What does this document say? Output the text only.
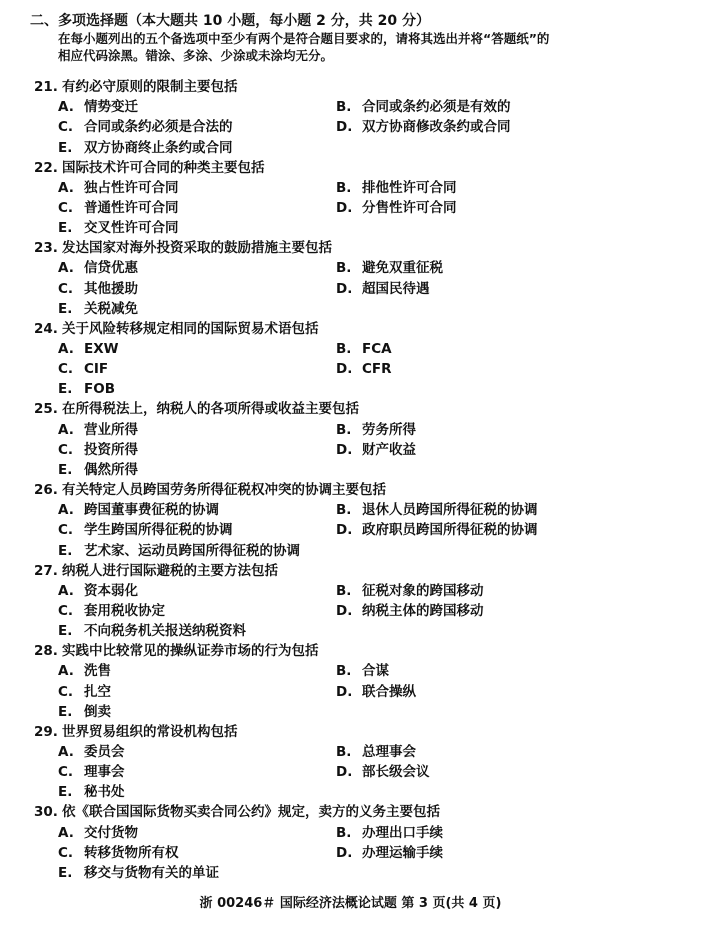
二、多项选择题（本大题共 10 小题，每小题 2 分，共 20 分）
在每小题列出的五个备选项中至少有两个是符合题目要求的，请将其选出并将“答题纸”的
相应代码涂黑。错涂、多涂、少涂或未涂均无分。
21. 有约必守原则的限制主要包括
A. 情势变迁	B. 合同或条约必须是有效的
C. 合同或条约必须是合法的	D. 双方协商修改条约或合同
E. 双方协商终止条约或合同
22. 国际技术许可合同的种类主要包括
A. 独占性许可合同	B. 排他性许可合同
C. 普通性许可合同	D. 分售性许可合同
E. 交叉性许可合同
23. 发达国家对海外投资采取的鼓励措施主要包括
A. 信贷优惠	B. 避免双重征税
C. 其他援助	D. 超国民待遇
E. 关税减免
24. 关于风险转移规定相同的国际贸易术语包括
A. EXW	B. FCA
C. CIF	D. CFR
E. FOB
25. 在所得税法上，纳税人的各项所得或收益主要包括
A. 营业所得	B. 劳务所得
C. 投资所得	D. 财产收益
E. 偶然所得
26. 有关特定人员跨国劳务所得征税权冲突的协调主要包括
A. 跨国董事费征税的协调	B. 退休人员跨国所得征税的协调
C. 学生跨国所得征税的协调	D. 政府职员跨国所得征税的协调
E. 艺术家、运动员跨国所得征税的协调
27. 纳税人进行国际避税的主要方法包括
A. 资本弱化	B. 征税对象的跨国移动
C. 套用税收协定	D. 纳税主体的跨国移动
E. 不向税务机关报送纳税资料
28. 实践中比较常见的操纵证券市场的行为包括
A. 洗售	B. 合谋
C. 扎空	D. 联合操纵
E. 倒卖
29. 世界贸易组织的常设机构包括
A. 委员会	B. 总理事会
C. 理事会	D. 部长级会议
E. 秘书处
30. 依《联合国国际货物买卖合同公约》规定，卖方的义务主要包括
A. 交付货物	B. 办理出口手续
C. 转移货物所有权	D. 办理运输手续
E. 移交与货物有关的单证
浙 00246＃ 国际经济法概论试题 第 3 页(共 4 页)
